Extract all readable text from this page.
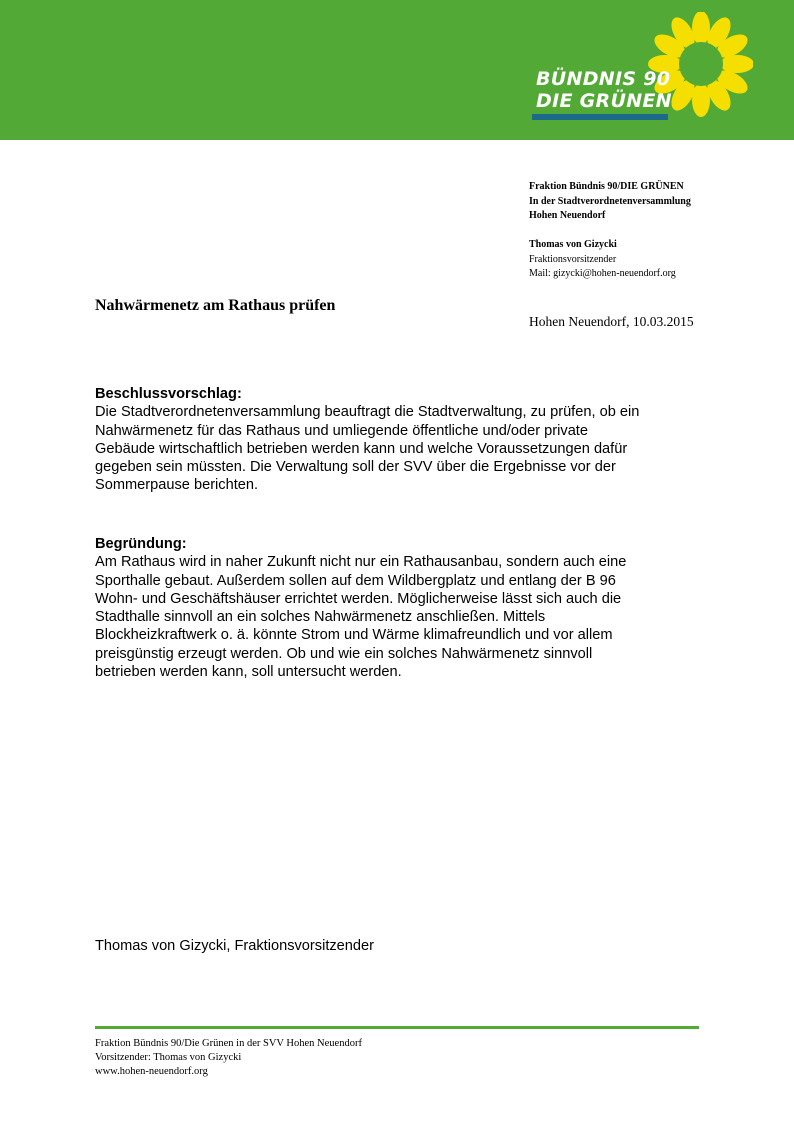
BÜNDNIS 90
DIE GRÜNEN
Fraktion Bündnis 90/DIE GRÜNEN
In der Stadtverordnetenversammlung
Hohen Neuendorf
Thomas von Gizycki
Fraktionsvorsitzender
Mail: gizycki@hohen-neuendorf.org
Nahwärmenetz am Rathaus prüfen
Hohen Neuendorf, 10.03.2015
Beschlussvorschlag:
Die Stadtverordnetenversammlung beauftragt die Stadtverwaltung, zu prüfen, ob ein
Nahwärmenetz für das Rathaus und umliegende öffentliche und/oder private
Gebäude wirtschaftlich betrieben werden kann und welche Voraussetzungen dafür
gegeben sein müssten. Die Verwaltung soll der SVV über die Ergebnisse vor der
Sommerpause berichten.
Begründung:
Am Rathaus wird in naher Zukunft nicht nur ein Rathausanbau, sondern auch eine
Sporthalle gebaut. Außerdem sollen auf dem Wildbergplatz und entlang der B 96
Wohn- und Geschäftshäuser errichtet werden. Möglicherweise lässt sich auch die
Stadthalle sinnvoll an ein solches Nahwärmenetz anschließen. Mittels
Blockheizkraftwerk o. ä. könnte Strom und Wärme klimafreundlich und vor allem
preisgünstig erzeugt werden. Ob und wie ein solches Nahwärmenetz sinnvoll
betrieben werden kann, soll untersucht werden.
Thomas von Gizycki, Fraktionsvorsitzender
Fraktion Bündnis 90/Die Grünen in der SVV Hohen Neuendorf
Vorsitzender: Thomas von Gizycki
www.hohen-neuendorf.org
